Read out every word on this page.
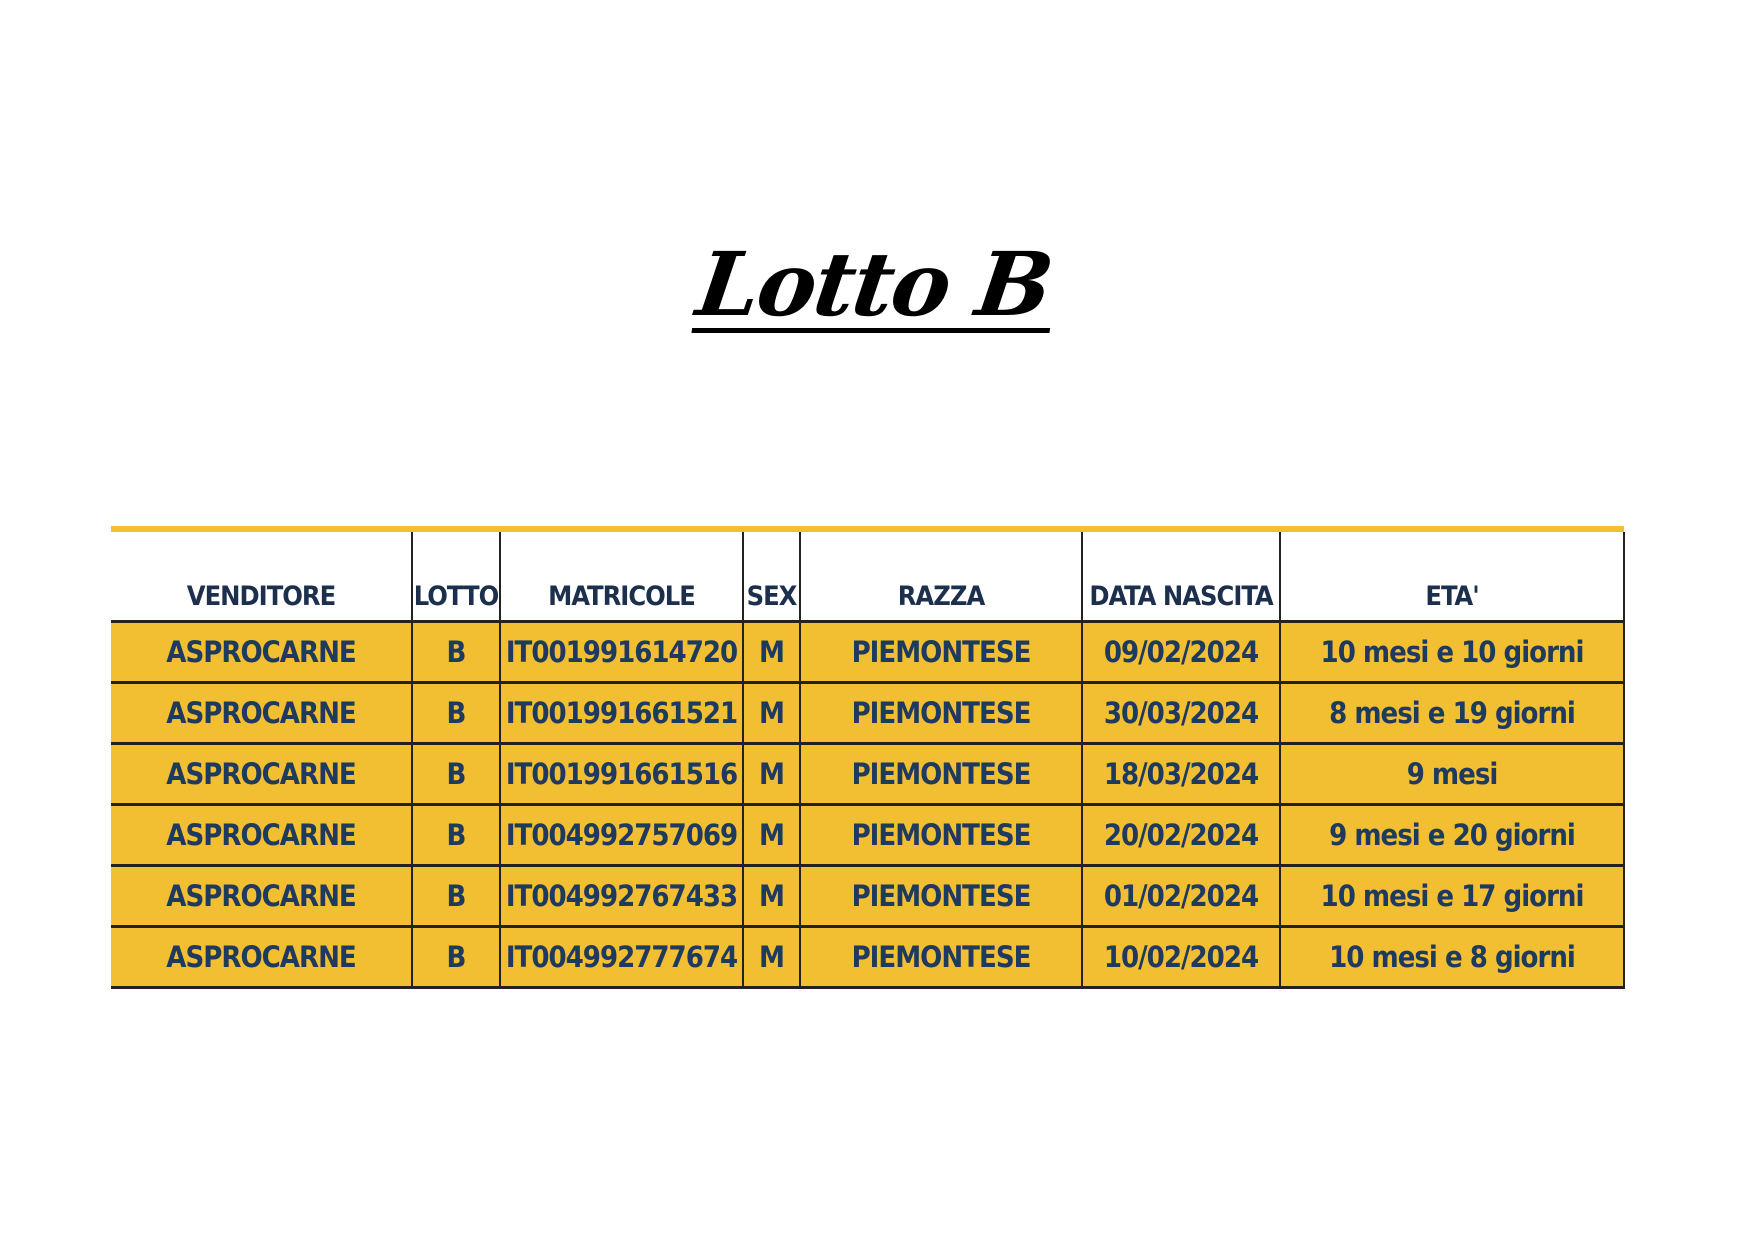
Lotto B
VENDITORE	LOTTO	MATRICOLE	SEX	RAZZA	DATA NASCITA	ETA'
ASPROCARNE	B	IT001991614720	M	PIEMONTESE	09/02/2024	10 mesi e 10 giorni
ASPROCARNE	B	IT001991661521	M	PIEMONTESE	30/03/2024	8 mesi e 19 giorni
ASPROCARNE	B	IT001991661516	M	PIEMONTESE	18/03/2024	9 mesi
ASPROCARNE	B	IT004992757069	M	PIEMONTESE	20/02/2024	9 mesi e 20 giorni
ASPROCARNE	B	IT004992767433	M	PIEMONTESE	01/02/2024	10 mesi e 17 giorni
ASPROCARNE	B	IT004992777674	M	PIEMONTESE	10/02/2024	10 mesi e 8 giorni
